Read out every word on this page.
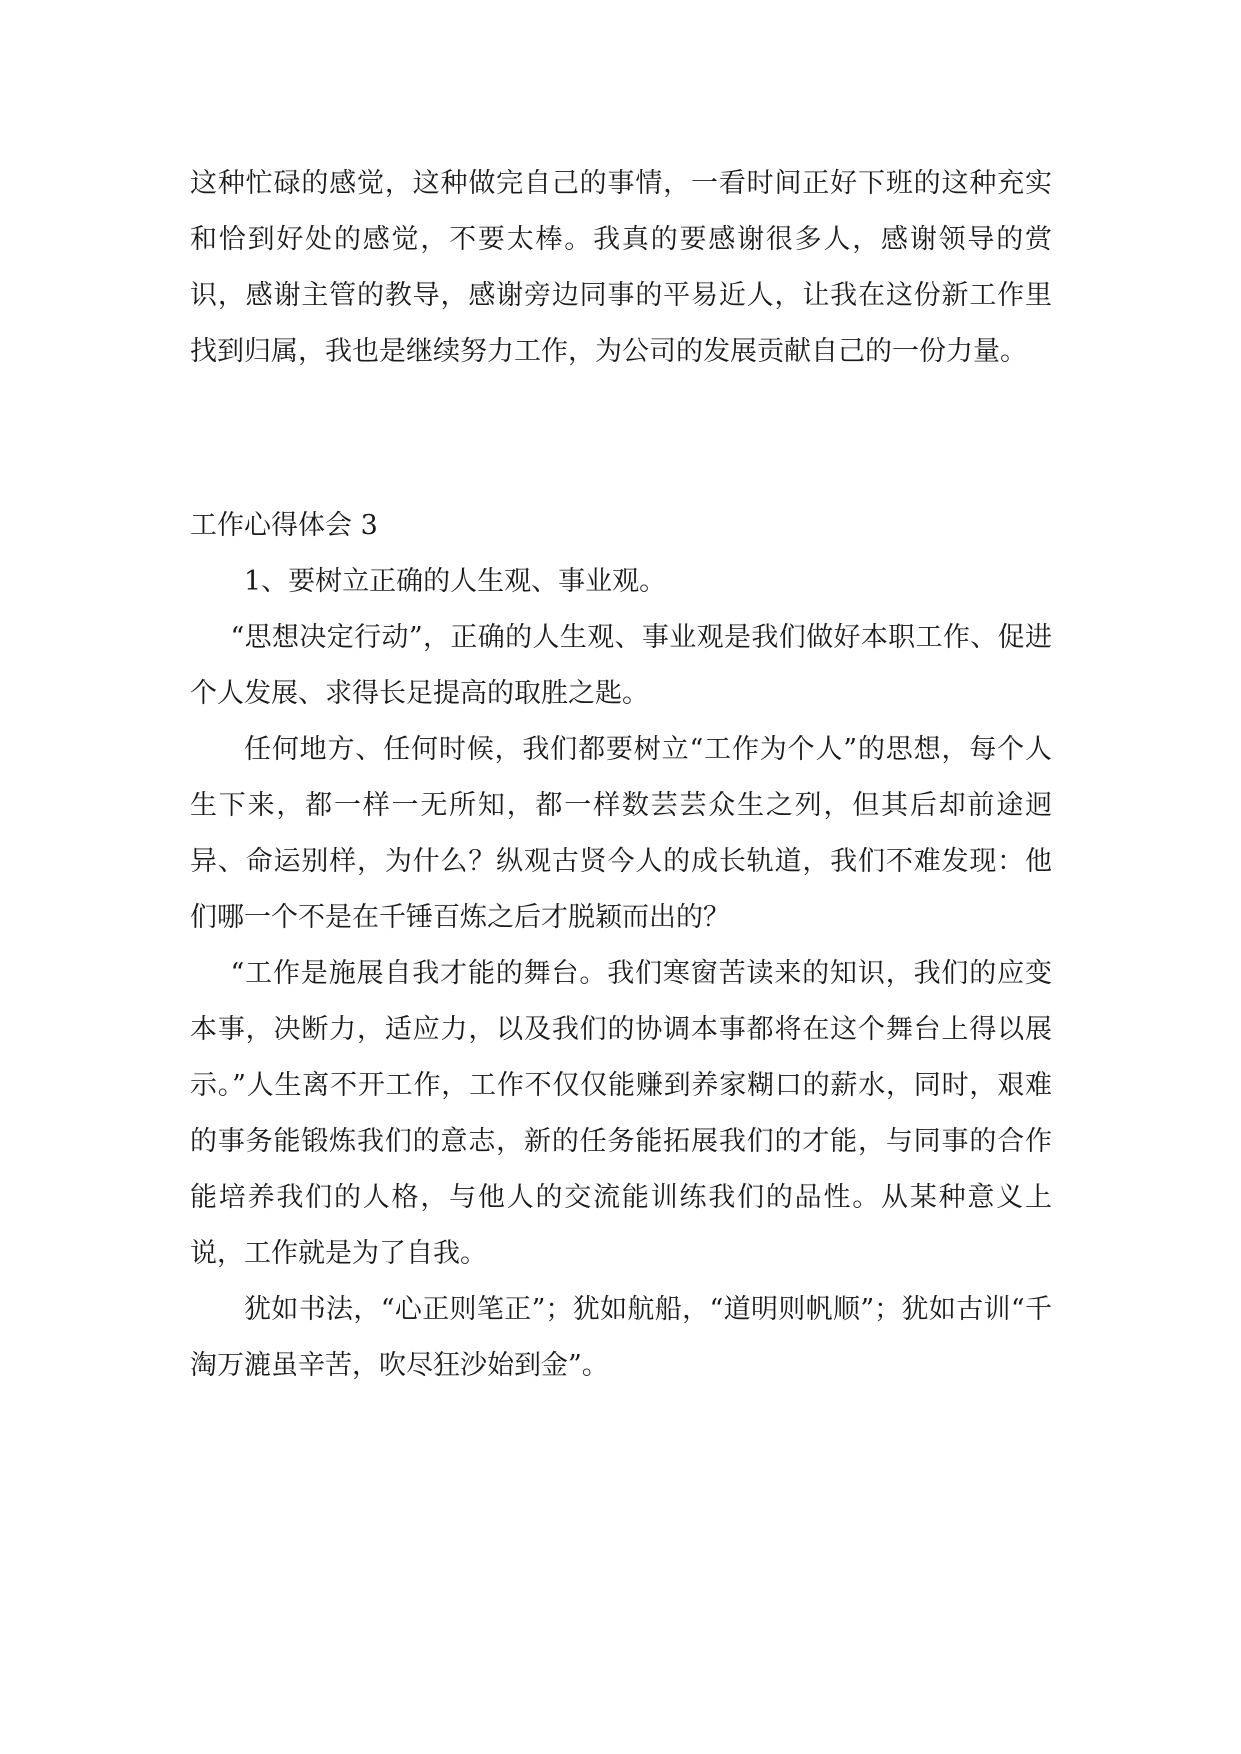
这种忙碌的感觉，这种做完自己的事情，一看时间正好下班的这种充实和恰到好处的感觉，不要太棒。我真的要感谢很多人，感谢领导的赏识，感谢主管的教导，感谢旁边同事的平易近人，让我在这份新工作里找到归属，我也是继续努力工作，为公司的发展贡献自己的一份力量。

工作心得体会 3

1、要树立正确的人生观、事业观。

“思想决定行动”，正确的人生观、事业观是我们做好本职工作、促进个人发展、求得长足提高的取胜之匙。

任何地方、任何时候，我们都要树立“工作为个人”的思想，每个人生下来，都一样一无所知，都一样数芸芸众生之列，但其后却前途迥异、命运别样，为什么？纵观古贤今人的成长轨道，我们不难发现：他们哪一个不是在千锤百炼之后才脱颖而出的？

“工作是施展自我才能的舞台。我们寒窗苦读来的知识，我们的应变本事，决断力，适应力，以及我们的协调本事都将在这个舞台上得以展示。”人生离不开工作，工作不仅仅能赚到养家糊口的薪水，同时，艰难的事务能锻炼我们的意志，新的任务能拓展我们的才能，与同事的合作能培养我们的人格，与他人的交流能训练我们的品性。从某种意义上说，工作就是为了自我。

犹如书法，“心正则笔正”；犹如航船，“道明则帆顺”；犹如古训“千淘万漉虽辛苦，吹尽狂沙始到金”。
